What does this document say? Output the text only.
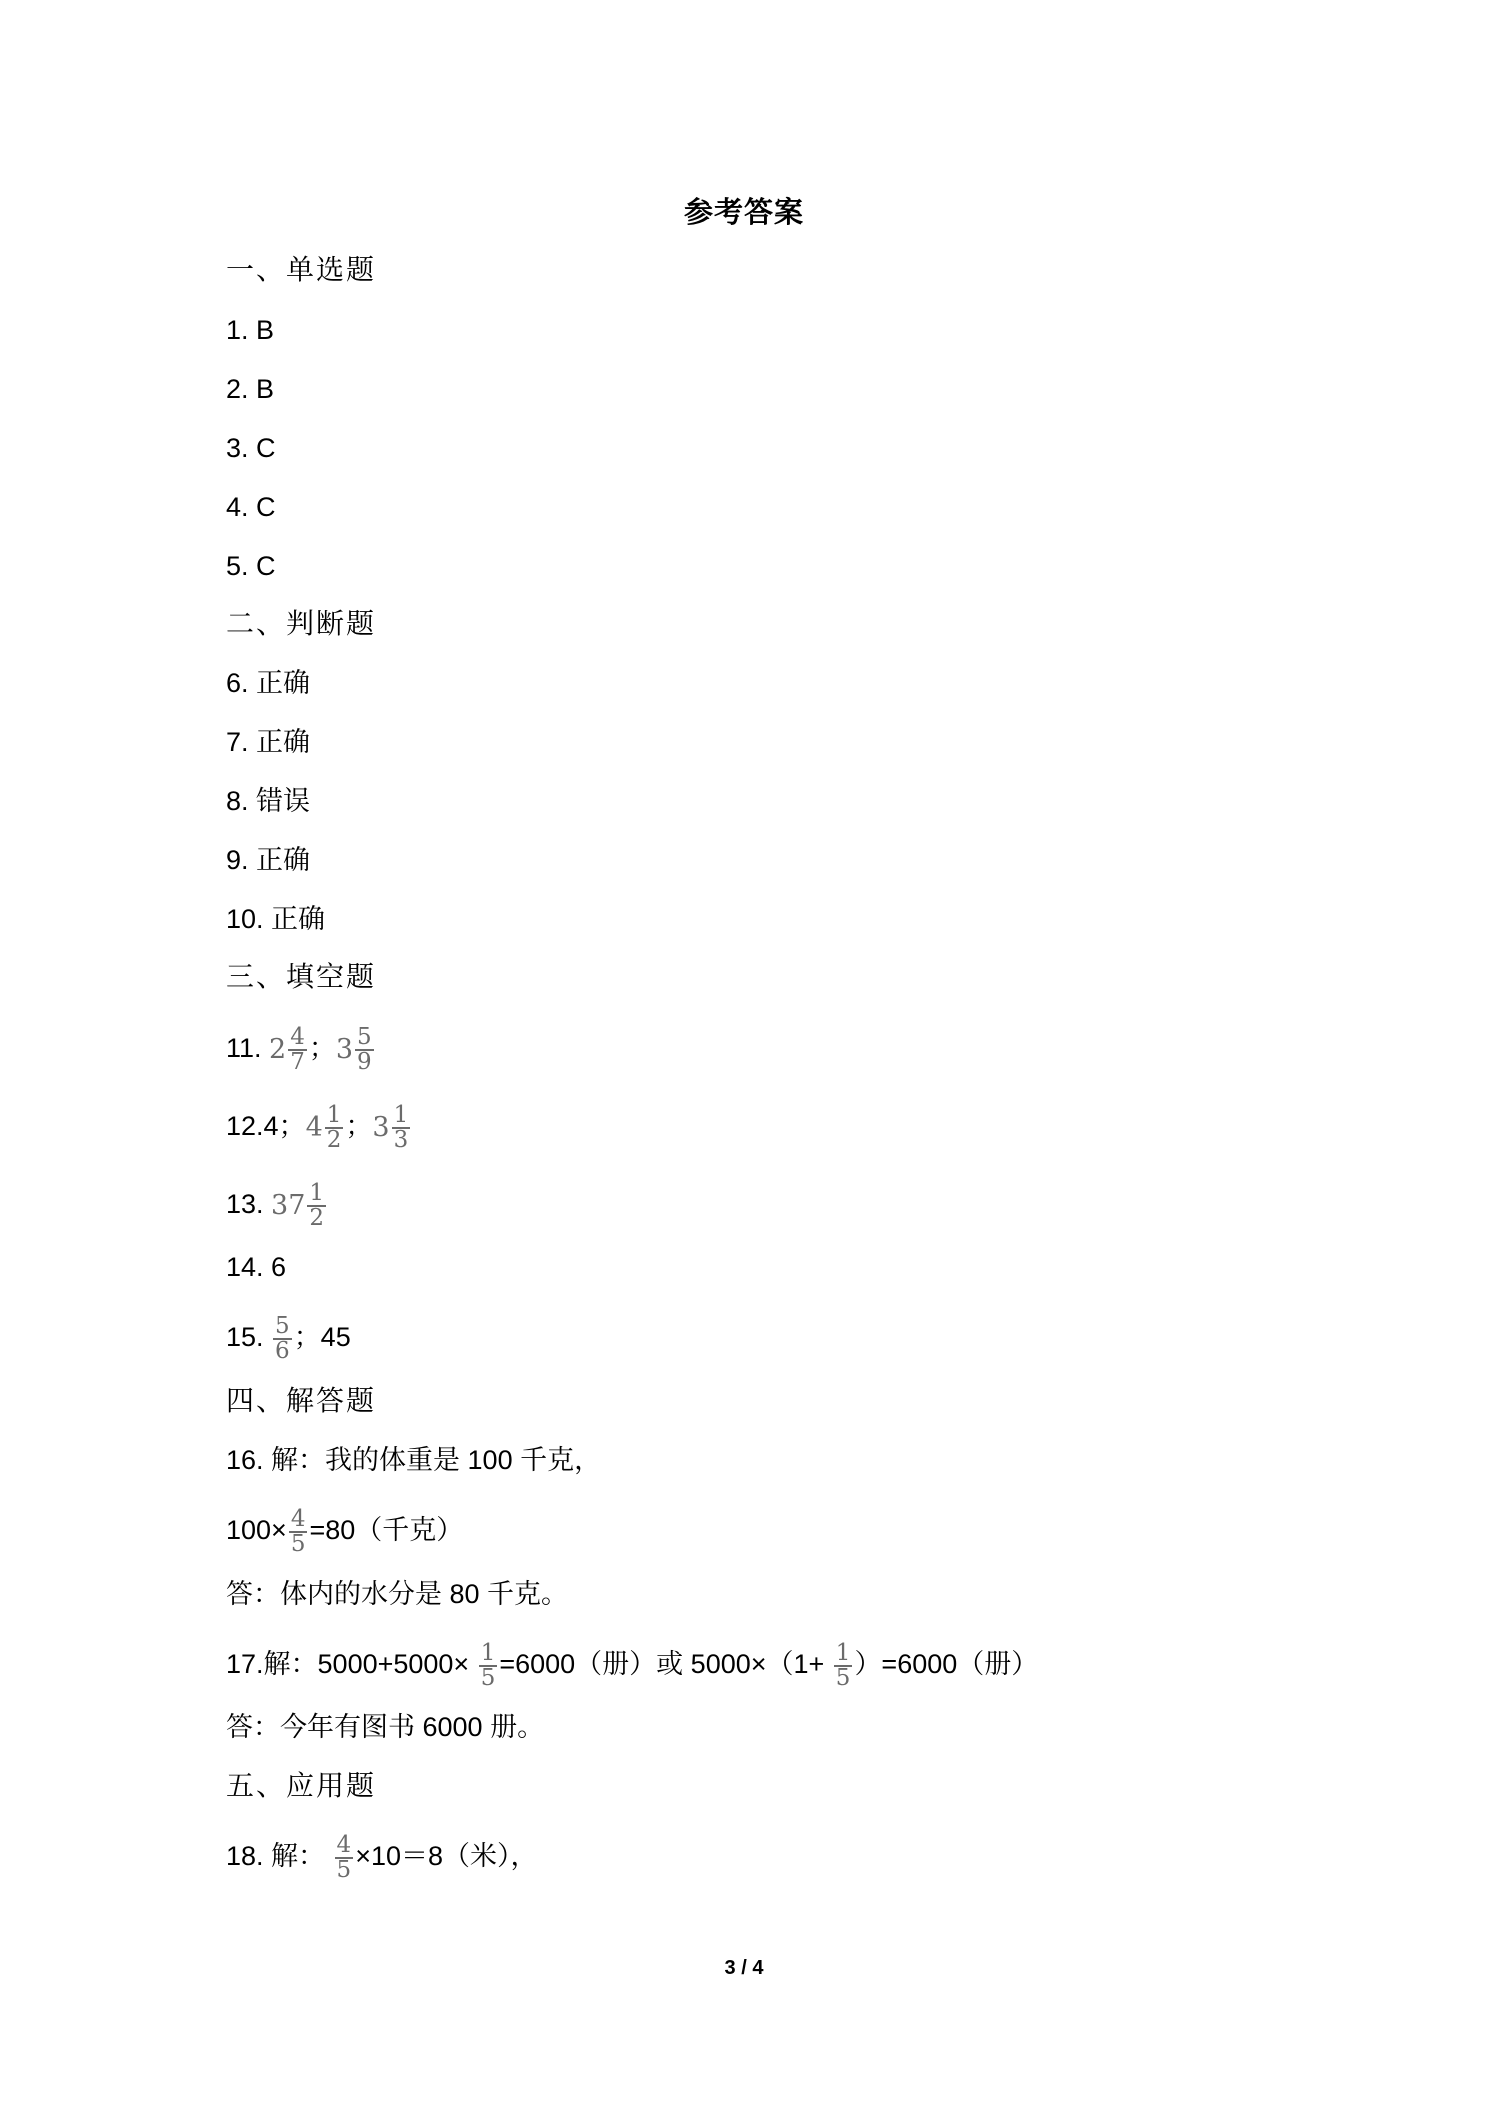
参考答案
一、单选题
1. B
2. B
3. C
4. C
5. C
二、判断题
6. 正确
7. 正确
8. 错误
9. 正确
10. 正确
三、填空题
11. $2 \frac{4}{7}$ ；$3 \frac{5}{9}$
12.4；$4 \frac{1}{2}$ ；$3 \frac{1}{3}$
13. $37 \frac{1}{2}$
14. 6
15. $\frac{5}{6}$ ；45
四、解答题
16. 解：我的体重是 100 千克，
$100\times \frac{4}{5} =80$（千克）
答：体内的水分是 80 千克。
17.解：$5000+5000\times \frac{1}{5} =6000$（册）或 $5000\times(1+ \frac{1}{5} )=6000$（册）
答：今年有图书 6000 册。
五、应用题
18. 解： $\frac{4}{5} \times 10=8$（米），
3 / 4
